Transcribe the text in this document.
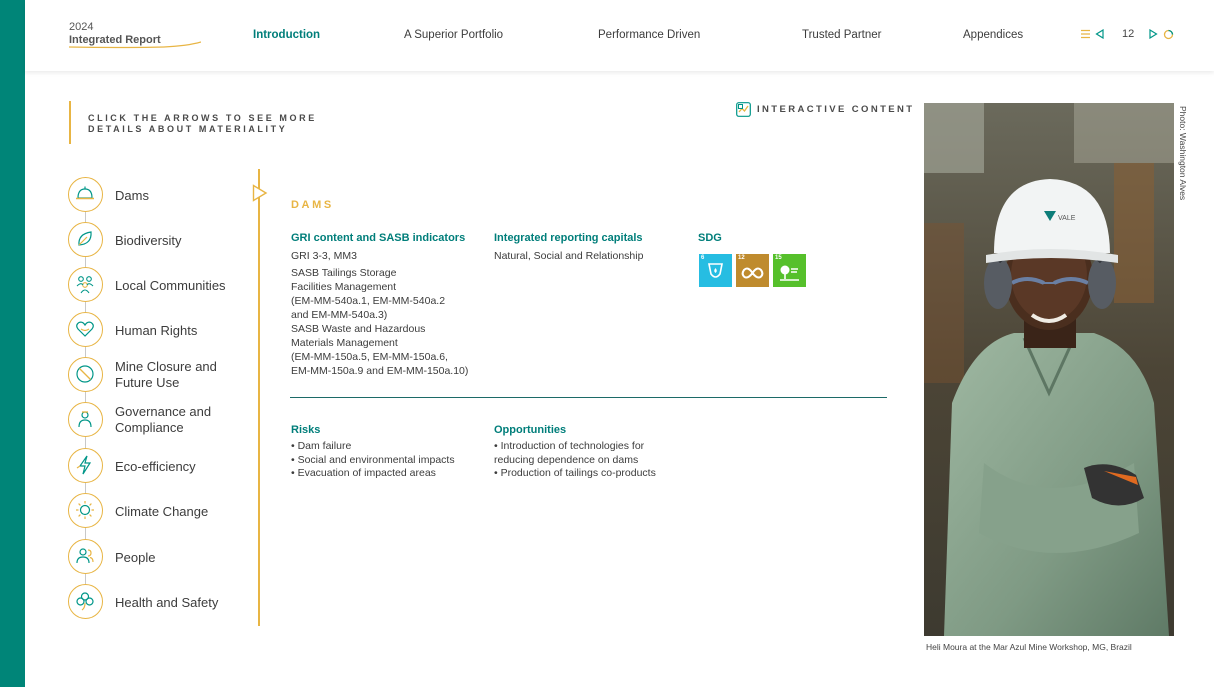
2024
Integrated Report	Introduction	A Superior Portfolio	Performance Driven	Trusted Partner	Appendices	12
CLICK THE ARROWS TO SEE MORE DETAILS ABOUT MATERIALITY
INTERACTIVE CONTENT
Dams
Biodiversity
Local Communities
Human Rights
Mine Closure and Future Use
Governance and Compliance
Eco-efficiency
Climate Change
People
Health and Safety
DAMS
GRI content and SASB indicators
GRI 3-3, MM3
SASB Tailings Storage
Facilities Management
(EM-MM-540a.1, EM-MM-540a.2
and EM-MM-540a.3)
SASB Waste and Hazardous
Materials Management
(EM-MM-150a.5, EM-MM-150a.6,
EM-MM-150a.9 and EM-MM-150a.10)
Integrated reporting capitals
Natural, Social and Relationship
SDG
6	12	15
Risks
• Dam failure
• Social and environmental impacts
• Evacuation of impacted areas
Opportunities
• Introduction of technologies for
reducing dependence on dams
• Production of tailings co-products
VALE
Photo: Washington Alves
Heli Moura at the Mar Azul Mine Workshop, MG, Brazil
